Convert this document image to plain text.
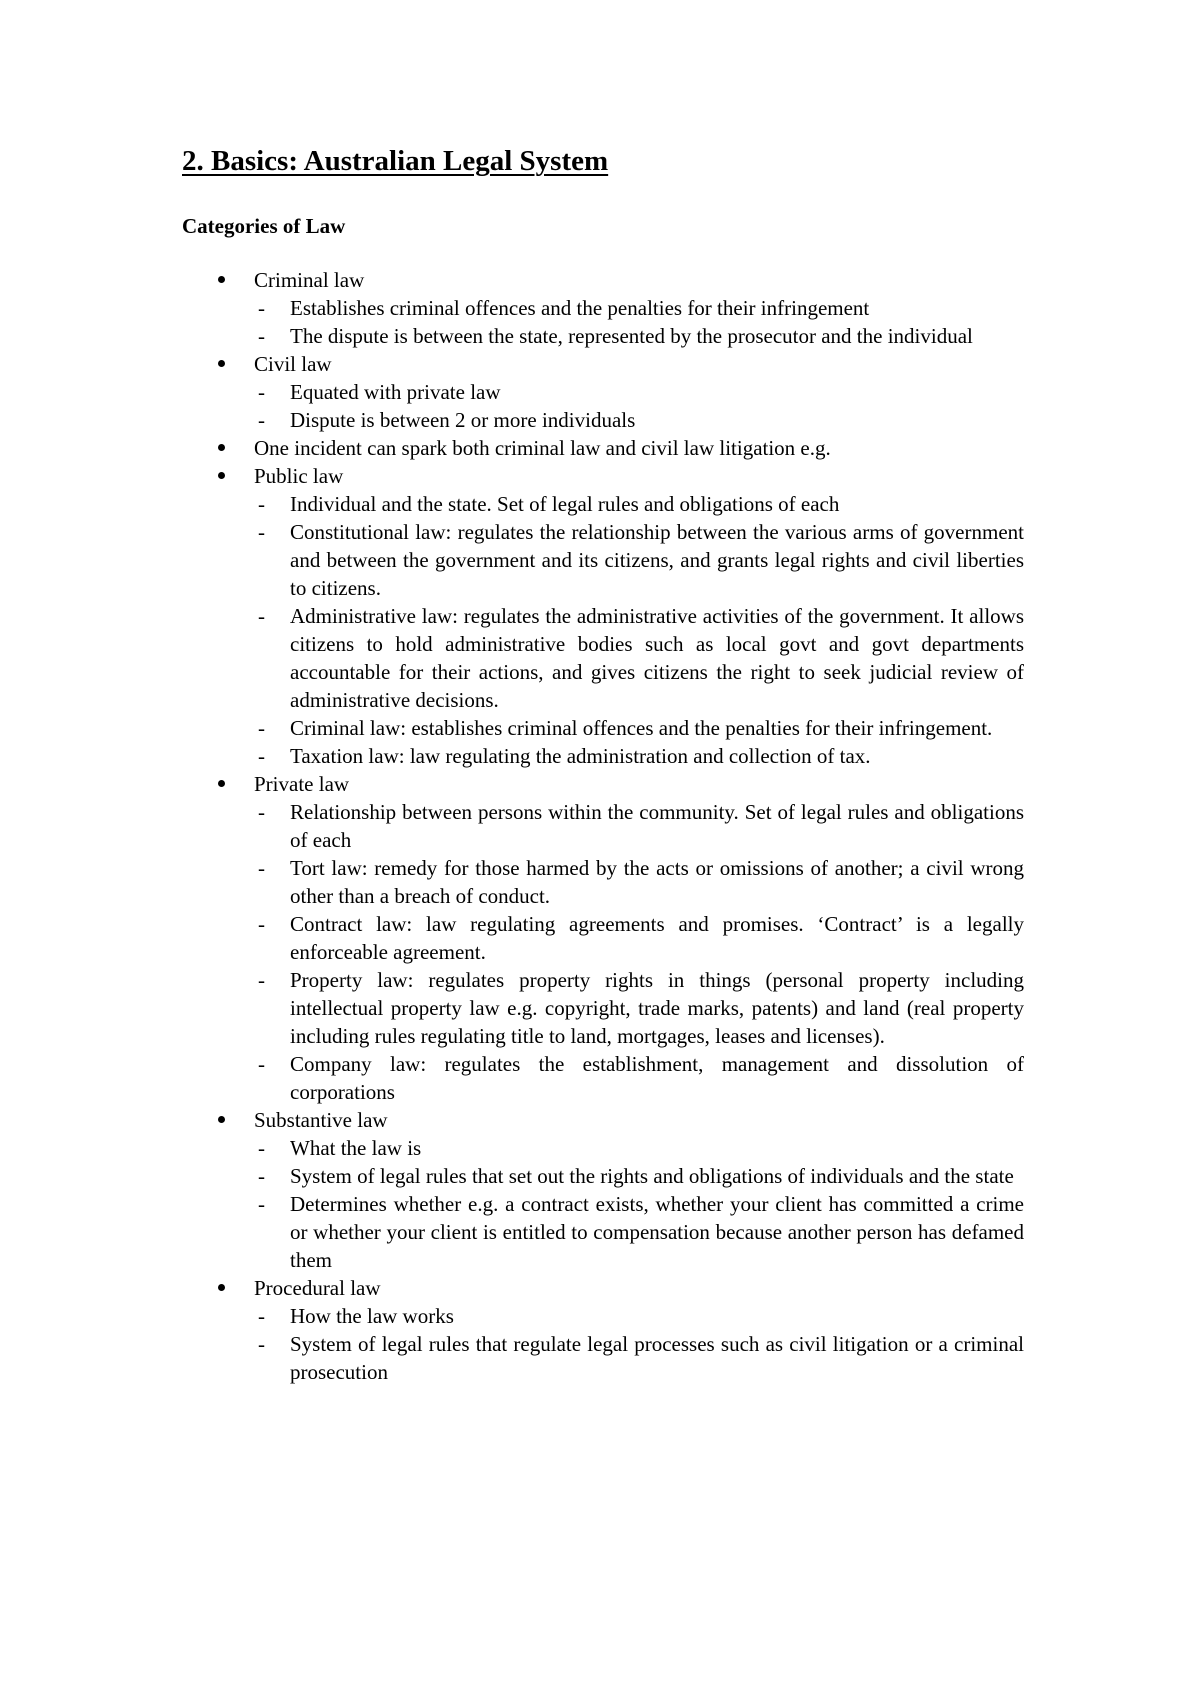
2. Basics: Australian Legal System
Categories of Law
Criminal law
- Establishes criminal offences and the penalties for their infringement
- The dispute is between the state, represented by the prosecutor and the individual
Civil law
- Equated with private law
- Dispute is between 2 or more individuals
One incident can spark both criminal law and civil law litigation e.g.
Public law
- Individual and the state. Set of legal rules and obligations of each
- Constitutional law: regulates the relationship between the various arms of government and between the government and its citizens, and grants legal rights and civil liberties to citizens.
- Administrative law: regulates the administrative activities of the government. It allows citizens to hold administrative bodies such as local govt and govt departments accountable for their actions, and gives citizens the right to seek judicial review of administrative decisions.
- Criminal law: establishes criminal offences and the penalties for their infringement.
- Taxation law: law regulating the administration and collection of tax.
Private law
- Relationship between persons within the community. Set of legal rules and obligations of each
- Tort law: remedy for those harmed by the acts or omissions of another; a civil wrong other than a breach of conduct.
- Contract law: law regulating agreements and promises. ‘Contract’ is a legally enforceable agreement.
- Property law: regulates property rights in things (personal property including intellectual property law e.g. copyright, trade marks, patents) and land (real property including rules regulating title to land, mortgages, leases and licenses).
- Company law: regulates the establishment, management and dissolution of corporations
Substantive law
- What the law is
- System of legal rules that set out the rights and obligations of individuals and the state
- Determines whether e.g. a contract exists, whether your client has committed a crime or whether your client is entitled to compensation because another person has defamed them
Procedural law
- How the law works
- System of legal rules that regulate legal processes such as civil litigation or a criminal prosecution
